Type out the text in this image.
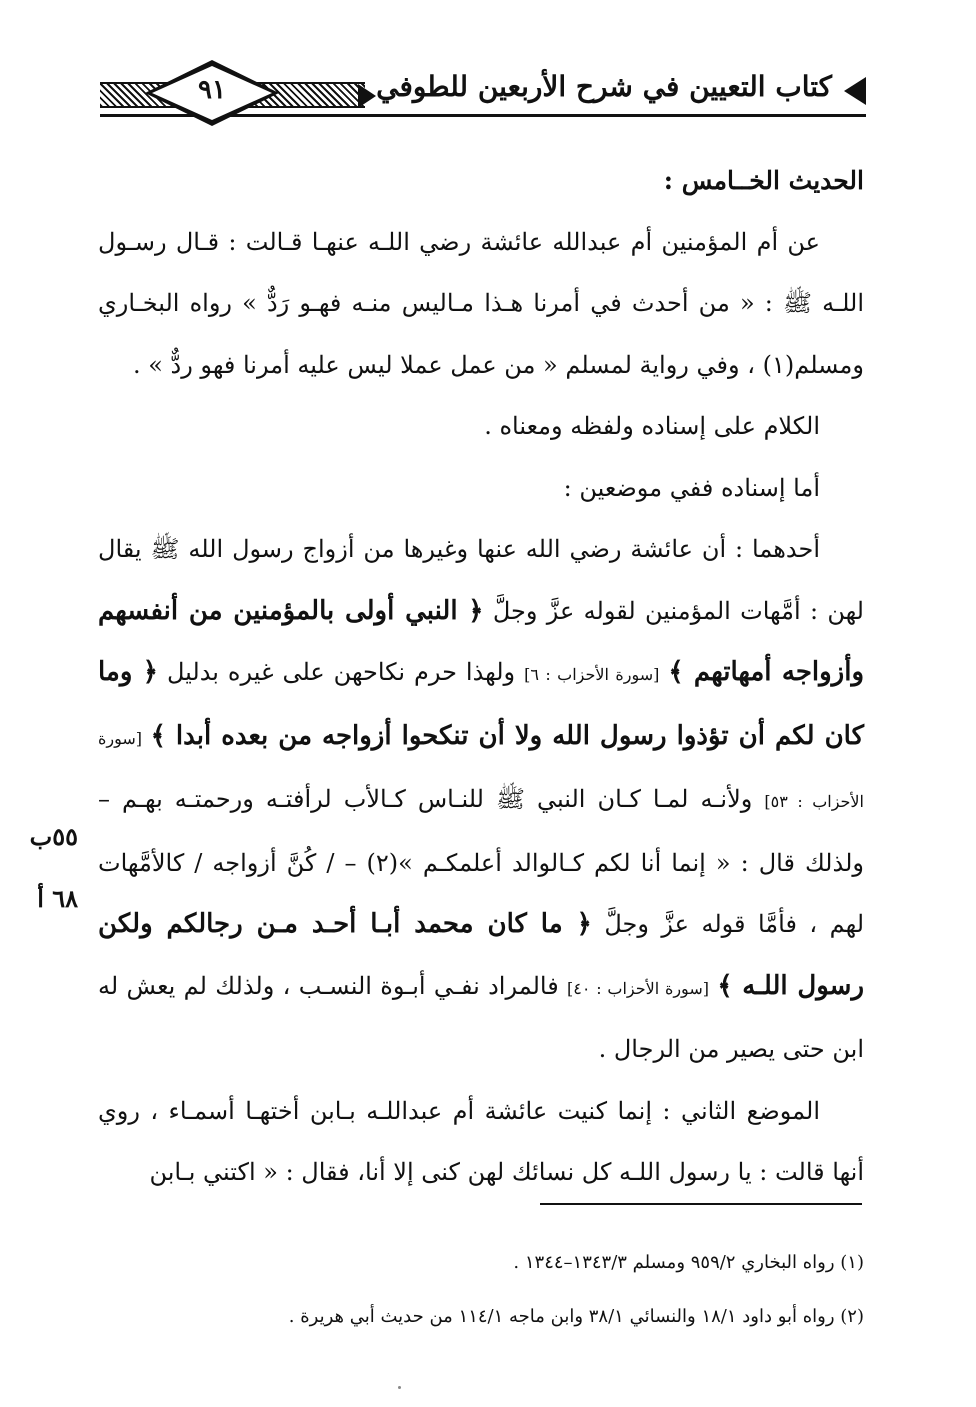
٩١	كتاب التعيين في شرح الأربعين للطوفي

الحديث الخــامس :

عن أم المؤمنين أم عبدالله عائشة رضي اللـه عنهـا قـالت : قـال رسـول اللـه ﷺ : « من أحدث في أمرنا هـذا مـاليس منـه فهـو رَدٌّ » رواه البخـاري ومسلم(١) ، وفي رواية لمسلم « من عمل عملا ليس عليه أمرنا فهو ردٌّ » .

الكلام على إسناده ولفظه ومعناه .

أما إسناده ففي موضعين :

أحدهما : أن عائشة رضي الله عنها وغيرها من أزواج رسول الله ﷺ يقال لهن : أمَّهات المؤمنين لقوله عزَّ وجلَّ ﴿ النبي أولى بالمؤمنين من أنفسهم وأزواجه أمهاتهم ﴾ [سورة الأحزاب : ٦] ولهذا حرم نكاحهن على غيره بدليل ﴿ وما كان لكم أن تؤذوا رسول الله ولا أن تنكحوا أزواجه من بعده أبدا ﴾ [سورة الأحزاب : ٥٣] ولأنـه لمـا كـان النبي ﷺ للنـاس كـالأب لرأفتـه ورحمتـه بهـم – ولذلك قال : « إنما أنا لكم كـالوالد أعلمكـم »(٢) – / كُنَّ أزواجه / كالأمَّهات لهم ، فأمَّا قوله عزَّ وجلَّ ﴿ ما كان محمد أبـا أحـد مـن رجالكم ولكن رسول اللـه ﴾ [سورة الأحزاب : ٤٠] فالمراد نفـي أبـوة النسـب ، ولذلك لم يعش له ابن حتى يصير من الرجال .

الموضع الثاني : إنما كنيت عائشة أم عبداللـه بـابن أختهـا أسمـاء ، روي أنها قالت : يا رسول اللـه كل نسائك لهن كنى إلا أنا، فقال : « اكتني بـابن

٥٥ب
٦٨ أ

(١) رواه البخاري ٩٥٩/٢ ومسلم ١٣٤٣/٣–١٣٤٤ .

(٢) رواه أبو داود ١٨/١ والنسائي ٣٨/١ وابن ماجه ١١٤/١ من حديث أبي هريرة .
